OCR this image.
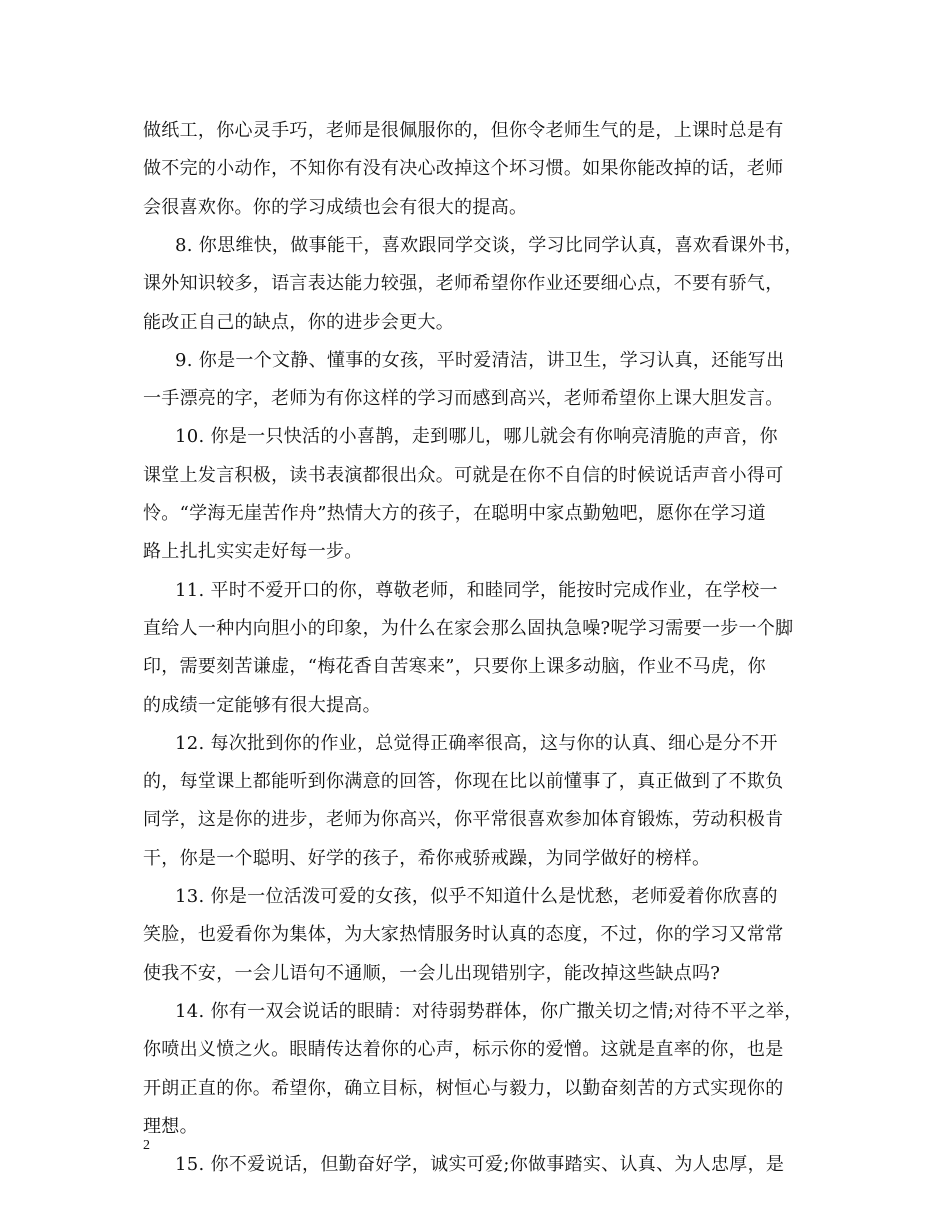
做纸工，你心灵手巧，老师是很佩服你的，但你令老师生气的是，上课时总是有
做不完的小动作，不知你有没有决心改掉这个坏习惯。如果你能改掉的话，老师
会很喜欢你。你的学习成绩也会有很大的提高。
8. 你思维快，做事能干，喜欢跟同学交谈，学习比同学认真，喜欢看课外书，
课外知识较多，语言表达能力较强，老师希望你作业还要细心点，不要有骄气，
能改正自己的缺点，你的进步会更大。
9. 你是一个文静、懂事的女孩，平时爱清洁，讲卫生，学习认真，还能写出
一手漂亮的字，老师为有你这样的学习而感到高兴，老师希望你上课大胆发言。
10. 你是一只快活的小喜鹊，走到哪儿，哪儿就会有你响亮清脆的声音，你
课堂上发言积极，读书表演都很出众。可就是在你不自信的时候说话声音小得可
怜。“学海无崖苦作舟”热情大方的孩子，在聪明中家点勤勉吧，愿你在学习道
路上扎扎实实走好每一步。
11. 平时不爱开口的你，尊敬老师，和睦同学，能按时完成作业，在学校一
直给人一种内向胆小的印象，为什么在家会那么固执急噪?呢学习需要一步一个脚
印，需要刻苦谦虚，“梅花香自苦寒来”，只要你上课多动脑，作业不马虎，你
的成绩一定能够有很大提高。
12. 每次批到你的作业，总觉得正确率很高，这与你的认真、细心是分不开
的，每堂课上都能听到你满意的回答，你现在比以前懂事了，真正做到了不欺负
同学，这是你的进步，老师为你高兴，你平常很喜欢参加体育锻炼，劳动积极肯
干，你是一个聪明、好学的孩子，希你戒骄戒躁，为同学做好的榜样。
13. 你是一位活泼可爱的女孩，似乎不知道什么是忧愁，老师爱着你欣喜的
笑脸，也爱看你为集体，为大家热情服务时认真的态度，不过，你的学习又常常
使我不安，一会儿语句不通顺，一会儿出现错别字，能改掉这些缺点吗?
14. 你有一双会说话的眼睛：对待弱势群体，你广撒关切之情;对待不平之举，
你喷出义愤之火。眼睛传达着你的心声，标示你的爱憎。这就是直率的你，也是
开朗正直的你。希望你，确立目标，树恒心与毅力，以勤奋刻苦的方式实现你的
理想。
15. 你不爱说话，但勤奋好学，诚实可爱;你做事踏实、认真、为人忠厚，是
2
